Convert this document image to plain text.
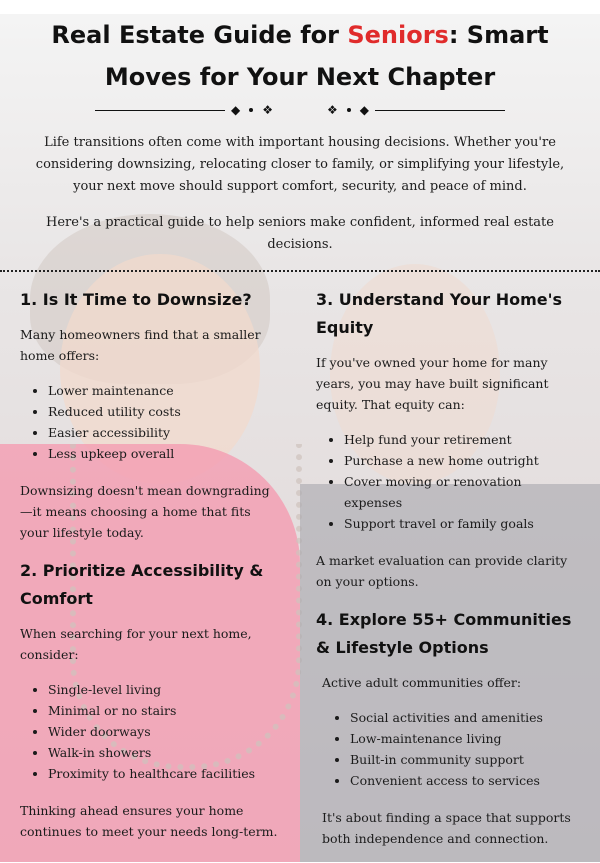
Real Estate Guide for Seniors: Smart Moves for Your Next Chapter
◆ ❖	❖ ◆

Life transitions often come with important housing decisions. Whether you're considering downsizing, relocating closer to family, or simplifying your lifestyle, your next move should support comfort, security, and peace of mind.

Here's a practical guide to help seniors make confident, informed real estate decisions.

1. Is It Time to Downsize?

Many homeowners find that a smaller home offers:

• Lower maintenance
• Reduced utility costs
• Easier accessibility
• Less upkeep overall

Downsizing doesn't mean downgrading—it means choosing a home that fits your lifestyle today.

2. Prioritize Accessibility & Comfort

When searching for your next home, consider:

• Single-level living
• Minimal or no stairs
• Wider doorways
• Walk-in showers
• Proximity to healthcare facilities

Thinking ahead ensures your home continues to meet your needs long-term.

3. Understand Your Home's Equity

If you've owned your home for many years, you may have built significant equity. That equity can:

• Help fund your retirement
• Purchase a new home outright
• Cover moving or renovation expenses
• Support travel or family goals

A market evaluation can provide clarity on your options.

4. Explore 55+ Communities & Lifestyle Options

Active adult communities offer:

• Social activities and amenities
• Low-maintenance living
• Built-in community support
• Convenient access to services

It's about finding a space that supports both independence and connection.
